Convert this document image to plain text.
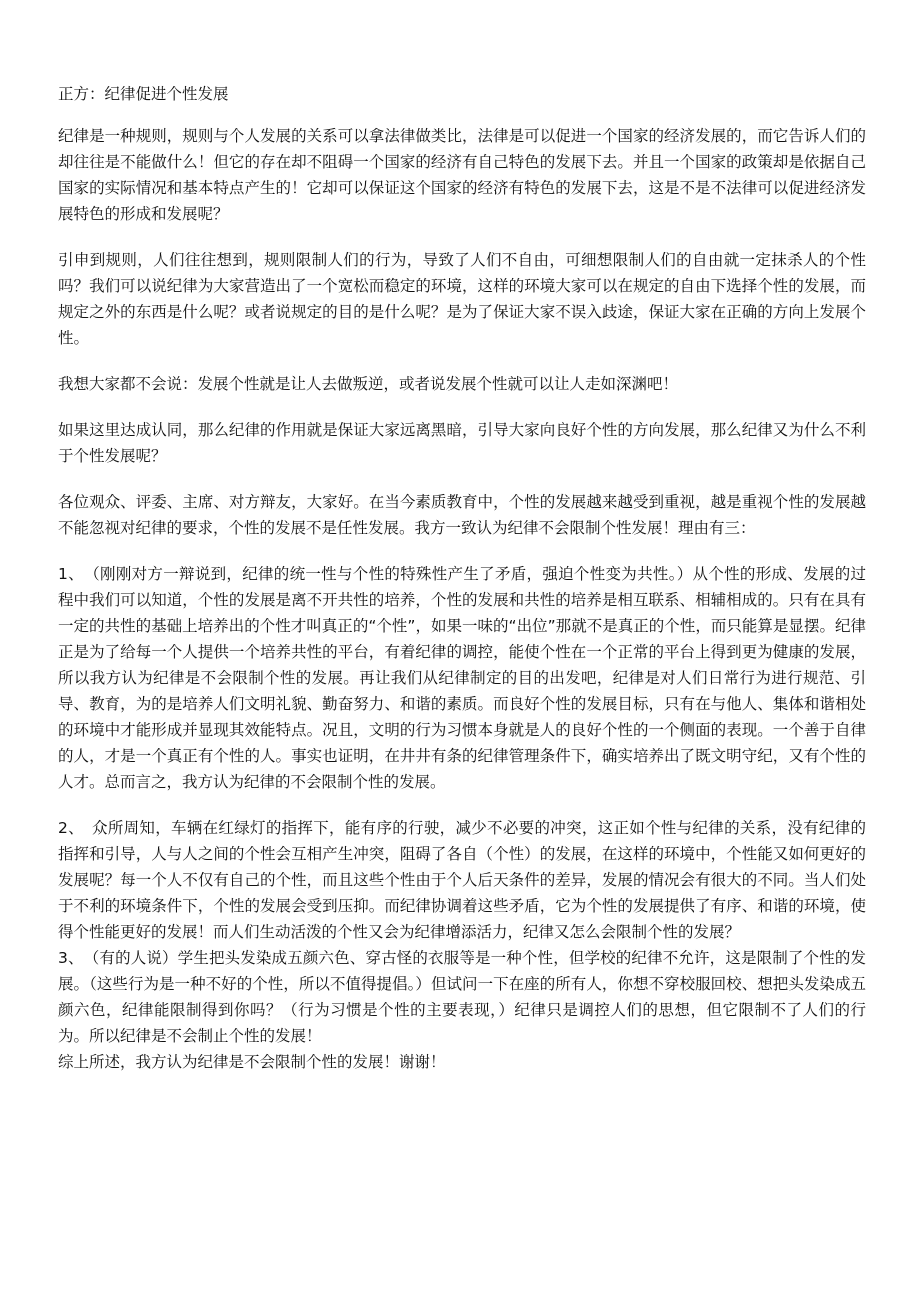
正方：纪律促进个性发展

纪律是一种规则，规则与个人发展的关系可以拿法律做类比，法律是可以促进一个国家的经济发展的，而它告诉人们的却往往是不能做什么！但它的存在却不阻碍一个国家的经济有自己特色的发展下去。并且一个国家的政策却是依据自己国家的实际情况和基本特点产生的！它却可以保证这个国家的经济有特色的发展下去，这是不是不法律可以促进经济发展特色的形成和发展呢？

引申到规则，人们往往想到，规则限制人们的行为，导致了人们不自由，可细想限制人们的自由就一定抹杀人的个性吗？我们可以说纪律为大家营造出了一个宽松而稳定的环境，这样的环境大家可以在规定的自由下选择个性的发展，而规定之外的东西是什么呢？或者说规定的目的是什么呢？是为了保证大家不误入歧途，保证大家在正确的方向上发展个性。

我想大家都不会说：发展个性就是让人去做叛逆，或者说发展个性就可以让人走如深渊吧！

如果这里达成认同，那么纪律的作用就是保证大家远离黑暗，引导大家向良好个性的方向发展，那么纪律又为什么不利于个性发展呢？

各位观众、评委、主席、对方辩友，大家好。在当今素质教育中，个性的发展越来越受到重视，越是重视个性的发展越不能忽视对纪律的要求，个性的发展不是任性发展。我方一致认为纪律不会限制个性发展！理由有三：

1、　（刚刚对方一辩说到，纪律的统一性与个性的特殊性产生了矛盾，强迫个性变为共性。）从个性的形成、发展的过程中我们可以知道，个性的发展是离不开共性的培养，个性的发展和共性的培养是相互联系、相辅相成的。只有在具有一定的共性的基础上培养出的个性才叫真正的“个性”，如果一味的“出位”那就不是真正的个性，而只能算是显摆。纪律正是为了给每一个人提供一个培养共性的平台，有着纪律的调控，能使个性在一个正常的平台上得到更为健康的发展，所以我方认为纪律是不会限制个性的发展。再让我们从纪律制定的目的出发吧，纪律是对人们日常行为进行规范、引导、教育，为的是培养人们文明礼貌、勤奋努力、和谐的素质。而良好个性的发展目标，只有在与他人、集体和谐相处的环境中才能形成并显现其效能特点。况且，文明的行为习惯本身就是人的良好个性的一个侧面的表现。一个善于自律的人，才是一个真正有个性的人。事实也证明，在井井有条的纪律管理条件下，确实培养出了既文明守纪，又有个性的人才。总而言之，我方认为纪律的不会限制个性的发展。

2、　众所周知，车辆在红绿灯的指挥下，能有序的行驶，减少不必要的冲突，这正如个性与纪律的关系，没有纪律的指挥和引导，人与人之间的个性会互相产生冲突，阻碍了各自（个性）的发展，在这样的环境中，个性能又如何更好的发展呢？每一个人不仅有自己的个性，而且这些个性由于个人后天条件的差异，发展的情况会有很大的不同。当人们处于不利的环境条件下，个性的发展会受到压抑。而纪律协调着这些矛盾，它为个性的发展提供了有序、和谐的环境，使得个性能更好的发展！而人们生动活泼的个性又会为纪律增添活力，纪律又怎么会限制个性的发展？

3、　（有的人说）学生把头发染成五颜六色、穿古怪的衣服等是一种个性，但学校的纪律不允许，这是限制了个性的发展。（这些行为是一种不好的个性，所以不值得提倡。）但试问一下在座的所有人，你想不穿校服回校、想把头发染成五颜六色，纪律能限制得到你吗？（行为习惯是个性的主要表现，）纪律只是调控人们的思想，但它限制不了人们的行为。所以纪律是不会制止个性的发展！

综上所述，我方认为纪律是不会限制个性的发展！谢谢！
